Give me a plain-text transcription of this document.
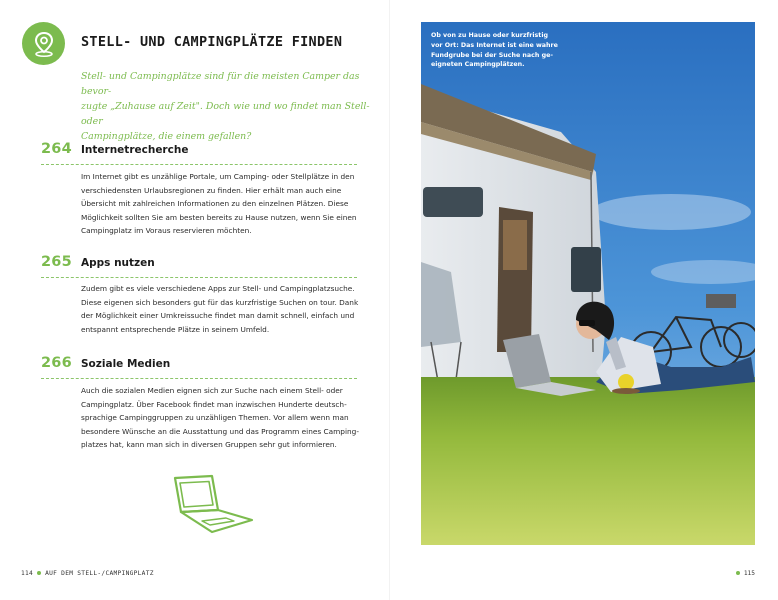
STELL- UND CAMPINGPLÄTZE FINDEN
Stell- und Campingplätze sind für die meisten Camper das bevor-
zugte „Zuhause auf Zeit". Doch wie und wo findet man Stell- oder
Campingplätze, die einem gefallen?
264 Internetrecherche
Im Internet gibt es unzählige Portale, um Camping- oder Stellplätze in den
verschiedensten Urlaubsregionen zu finden. Hier erhält man auch eine
Übersicht mit zahlreichen Informationen zu den einzelnen Plätzen. Diese
Möglichkeit sollten Sie am besten bereits zu Hause nutzen, wenn Sie einen
Campingplatz im Voraus reservieren möchten.
265 Apps nutzen
Zudem gibt es viele verschiedene Apps zur Stell- und Campingplatzsuche.
Diese eigenen sich besonders gut für das kurzfristige Suchen on tour. Dank
der Möglichkeit einer Umkreissuche findet man damit schnell, einfach und
entspannt entsprechende Plätze in seinem Umfeld.
266 Soziale Medien
Auch die sozialen Medien eignen sich zur Suche nach einem Stell- oder
Campingplatz. Über Facebook findet man inzwischen Hunderte deutsch-
sprachige Campinggruppen zu unzähligen Themen. Vor allem wenn man
besondere Wünsche an die Ausstattung und das Programm eines Camping-
platzes hat, kann man sich in diversen Gruppen sehr gut informieren.
114 AUF DEM STELL-/CAMPINGPLATZ
Ob von zu Hause oder kurzfristig
vor Ort: Das Internet ist eine wahre
Fundgrube bei der Suche nach ge-
eigneten Campingplätzen.
115
